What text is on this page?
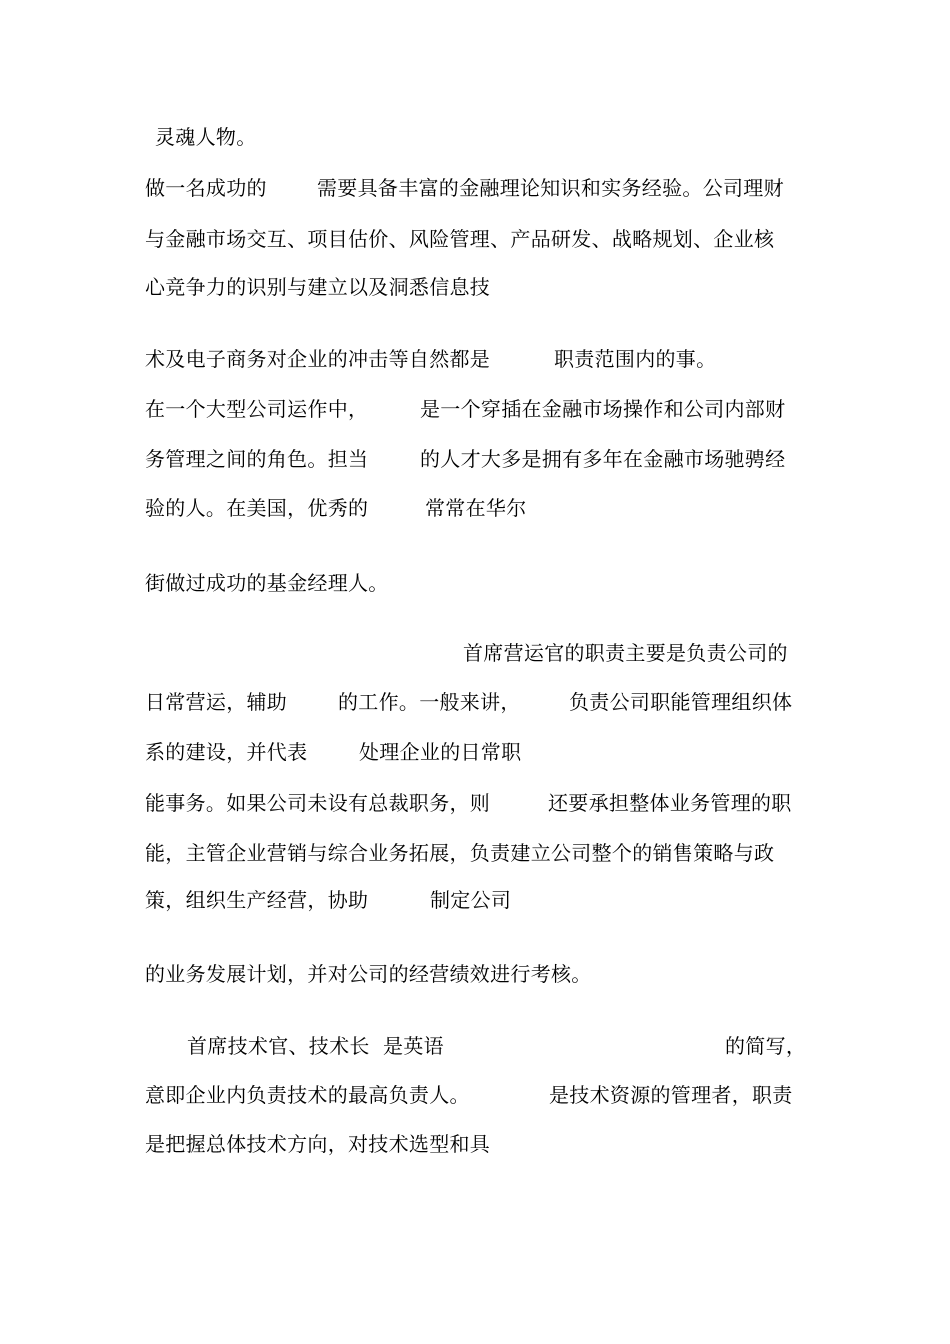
灵魂人物。

做一名成功的

	需要具备丰富的金融理论知识和实务经验。公司理财

与金融市场交互、项目估价、风险管理、产品研发、战略规划、企业核

心竞争力的识别与建立以及洞悉信息技

术及电子商务对企业的冲击等自然都是

	职责范围内的事。

在一个大型公司运作中，

	是一个穿插在金融市场操作和公司内部财

务管理之间的角色。担当

	的人才大多是拥有多年在金融市场驰骋经

验的人。在美国，优秀的

	常常在华尔

街做过成功的基金经理人。

首席营运官的职责主要是负责公司的

日常营运，辅助

	的工作。一般来讲，

负责公司职能管理组织体

系的建设，并代表

	处理企业的日常职

能事务。如果公司未设有总裁职务，则

	还要承担整体业务管理的职

能，主管企业营销与综合业务拓展，负责建立公司整个的销售策略与政

策，组织生产经营，协助

	制定公司

的业务发展计划，并对公司的经营绩效进行考核。

首席技术官、技术长  是英语

	的简写，

意即企业内负责技术的最高负责人。

	是技术资源的管理者，职责

是把握总体技术方向，对技术选型和具
